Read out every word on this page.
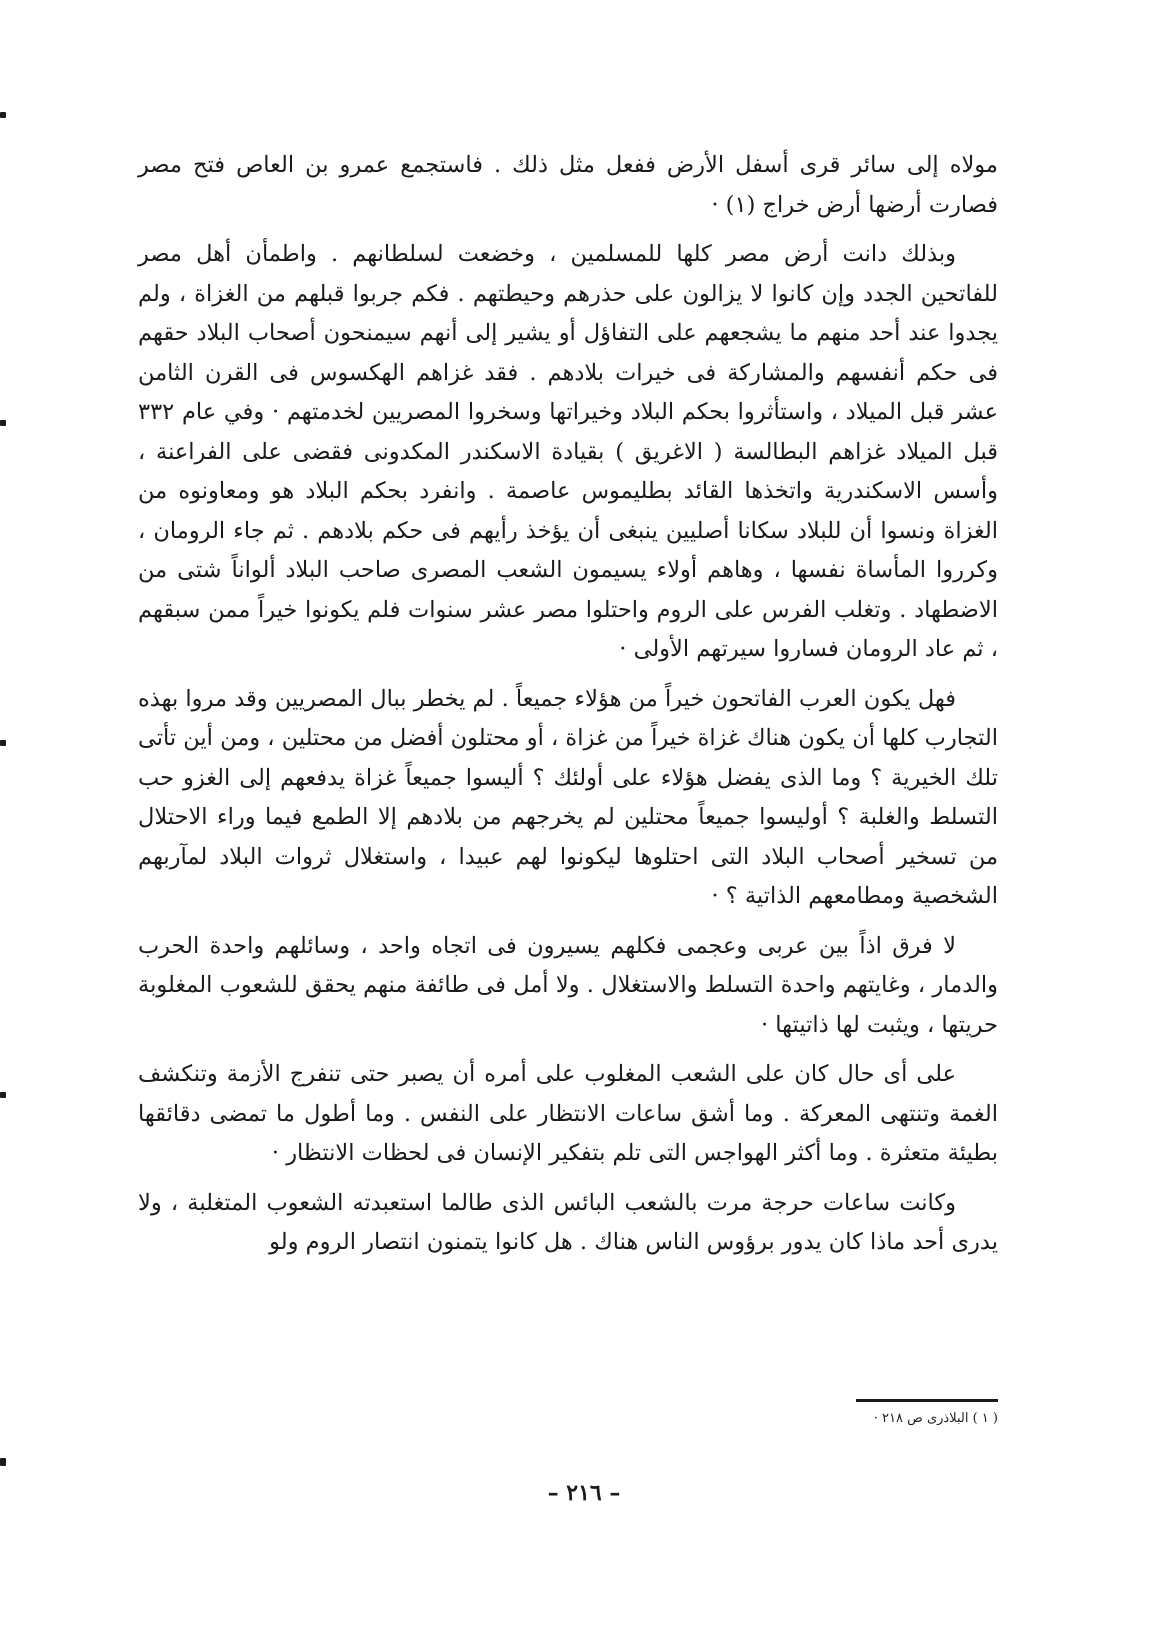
مولاه إلى سائر قرى أسفل الأرض ففعل مثل ذلك . فاستجمع عمرو بن العاص فتح مصر فصارت أرضها أرض خراج (١) ·

وبذلك دانت أرض مصر كلها للمسلمين ، وخضعت لسلطانهم . واطمأن أهل مصر للفاتحين الجدد وإن كانوا لا يزالون على حذرهم وحيطتهم . فكم جربوا قبلهم من الغزاة ، ولم يجدوا عند أحد منهم ما يشجعهم على التفاؤل أو يشير إلى أنهم سيمنحون أصحاب البلاد حقهم فى حكم أنفسهم والمشاركة فى خيرات بلادهم . فقد غزاهم الهكسوس فى القرن الثامن عشر قبل الميلاد ، واستأثروا بحكم البلاد وخيراتها وسخروا المصريين لخدمتهم · وفي عام ٣٣٢ قبل الميلاد غزاهم البطالسة ( الاغريق ) بقيادة الاسكندر المكدونى فقضى على الفراعنة ، وأسس الاسكندرية واتخذها القائد بطليموس عاصمة . وانفرد بحكم البلاد هو ومعاونوه من الغزاة ونسوا أن للبلاد سكانا أصليين ينبغى أن يؤخذ رأيهم فى حكم بلادهم . ثم جاء الرومان ، وكرروا المأساة نفسها ، وهاهم أولاء يسيمون الشعب المصرى صاحب البلاد ألواناً شتى من الاضطهاد . وتغلب الفرس على الروم واحتلوا مصر عشر سنوات فلم يكونوا خيراً ممن سبقهم ، ثم عاد الرومان فساروا سيرتهم الأولى ·

فهل يكون العرب الفاتحون خيراً من هؤلاء جميعاً . لم يخطر ببال المصريين وقد مروا بهذه التجارب كلها أن يكون هناك غزاة خيراً من غزاة ، أو محتلون أفضل من محتلين ، ومن أين تأتى تلك الخيرية ؟ وما الذى يفضل هؤلاء على أولئك ؟ أليسوا جميعاً غزاة يدفعهم إلى الغزو حب التسلط والغلبة ؟ أوليسوا جميعاً محتلين لم يخرجهم من بلادهم إلا الطمع فيما وراء الاحتلال من تسخير أصحاب البلاد التى احتلوها ليكونوا لهم عبيدا ، واستغلال ثروات البلاد لمآربهم الشخصية ومطامعهم الذاتية ؟ ·

لا فرق اذاً بين عربى وعجمى فكلهم يسيرون فى اتجاه واحد ، وسائلهم واحدة الحرب والدمار ، وغايتهم واحدة التسلط والاستغلال . ولا أمل فى طائفة منهم يحقق للشعوب المغلوبة حريتها ، ويثبت لها ذاتيتها ·

على أى حال كان على الشعب المغلوب على أمره أن يصبر حتى تنفرج الأزمة وتنكشف الغمة وتنتهى المعركة . وما أشق ساعات الانتظار على النفس . وما أطول ما تمضى دقائقها بطيئة متعثرة . وما أكثر الهواجس التى تلم بتفكير الإنسان فى لحظات الانتظار ·

وكانت ساعات حرجة مرت بالشعب البائس الذى طالما استعبدته الشعوب المتغلبة ، ولا يدرى أحد ماذا كان يدور برؤوس الناس هناك . هل كانوا يتمنون انتصار الروم ولو

( ١ ) البلاذرى ص ٢١٨ ·
– ٢١٦ –
